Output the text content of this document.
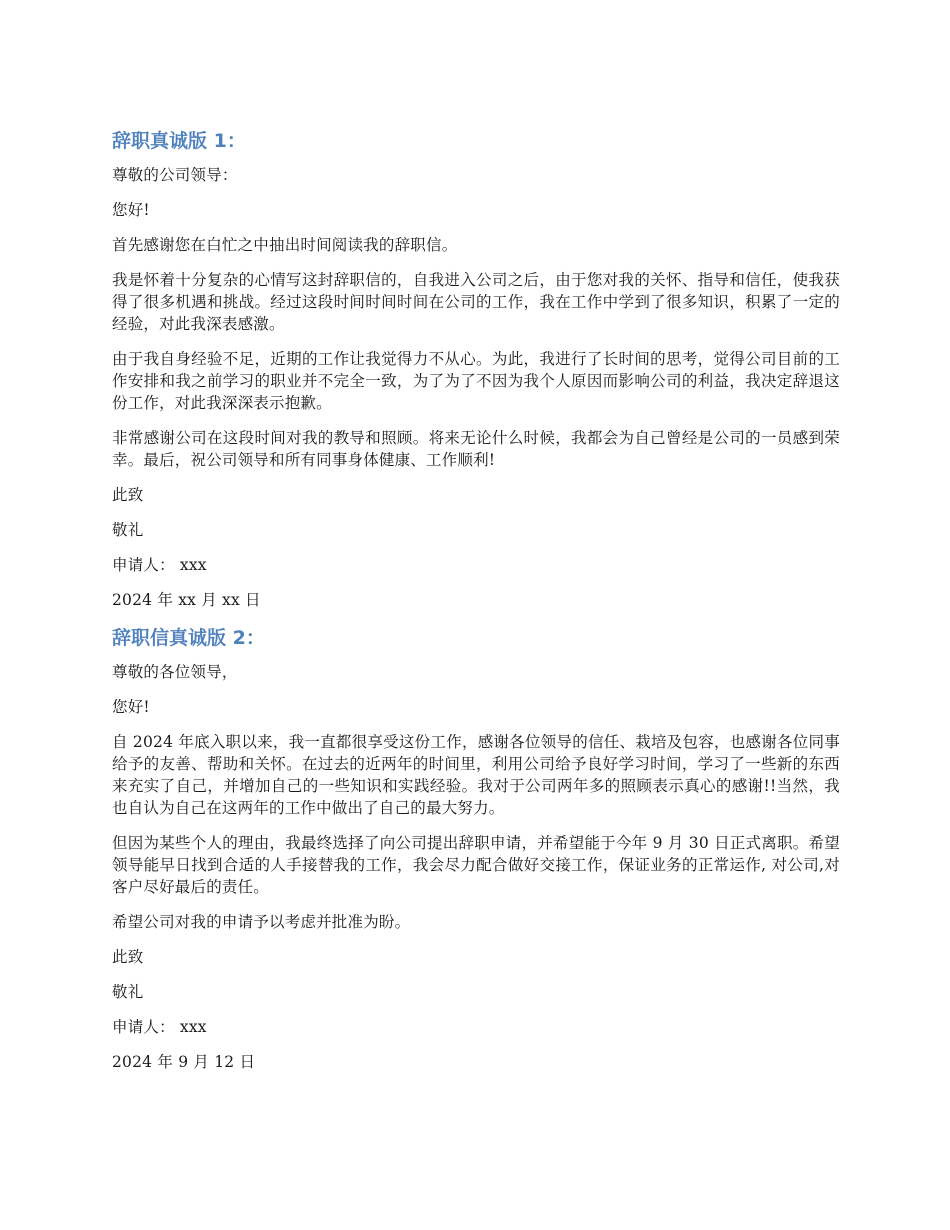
辞职真诚版 1：

尊敬的公司领导：

您好!

首先感谢您在白忙之中抽出时间阅读我的辞职信。

我是怀着十分复杂的心情写这封辞职信的，自我进入公司之后，由于您对我的关怀、指导和信任，使我获得了很多机遇和挑战。经过这段时间时间时间在公司的工作，我在工作中学到了很多知识，积累了一定的经验，对此我深表感激。

由于我自身经验不足，近期的工作让我觉得力不从心。为此，我进行了长时间的思考，觉得公司目前的工作安排和我之前学习的职业并不完全一致，为了为了不因为我个人原因而影响公司的利益，我决定辞退这份工作，对此我深深表示抱歉。

非常感谢公司在这段时间对我的教导和照顾。将来无论什么时候，我都会为自己曾经是公司的一员感到荣幸。最后，祝公司领导和所有同事身体健康、工作顺利!

此致

敬礼

申请人： xxx

2024 年 xx 月 xx 日

辞职信真诚版 2：

尊敬的各位领导，

您好!

自 2024 年底入职以来，我一直都很享受这份工作，感谢各位领导的信任、栽培及包容，也感谢各位同事给予的友善、帮助和关怀。在过去的近两年的时间里，利用公司给予良好学习时间，学习了一些新的东西来充实了自己，并增加自己的一些知识和实践经验。我对于公司两年多的照顾表示真心的感谢!!当然，我也自认为自己在这两年的工作中做出了自己的最大努力。

但因为某些个人的理由，我最终选择了向公司提出辞职申请，并希望能于今年 9 月 30 日正式离职。希望领导能早日找到合适的人手接替我的工作，我会尽力配合做好交接工作，保证业务的正常运作, 对公司,对客户尽好最后的责任。

希望公司对我的申请予以考虑并批准为盼。

此致

敬礼

申请人： xxx

2024 年 9 月 12 日
